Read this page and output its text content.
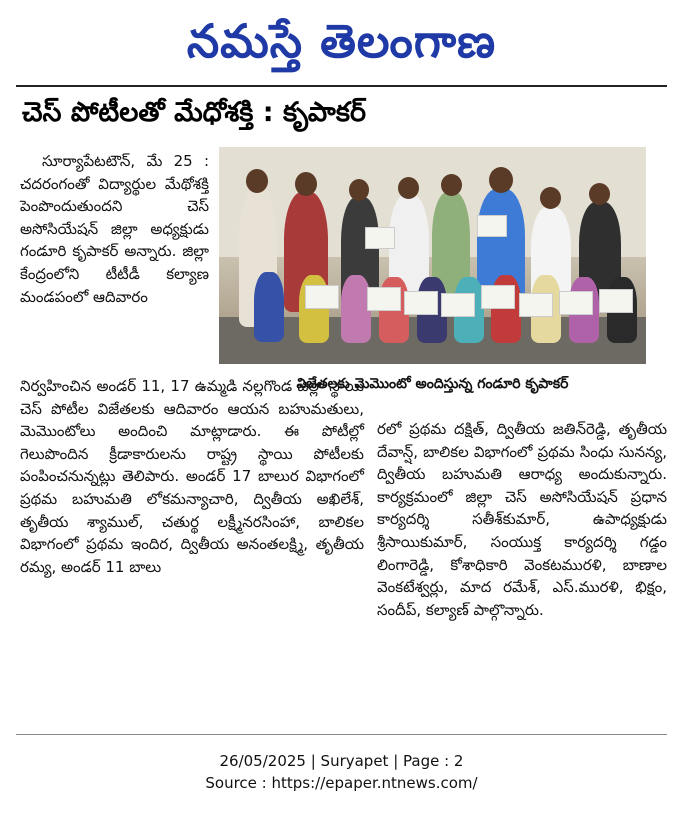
నమస్తే తెలంగాణ
చెస్ పోటీలతో మేధోశక్తి : కృపాకర్

సూర్యాపేటటౌన్, మే 25 : చదరంగంతో విద్యార్థుల మేథోశక్తి పెంపొందుతుందని చెస్ అసోసియేషన్ జిల్లా అధ్యక్షుడు గండూరి కృపాకర్ అన్నారు. జిల్లా కేంద్రంలోని టీటీడీ కల్యాణ మండపంలో ఆదివారం

విజేతలకు మెమొంటో అందిస్తున్న గండూరి కృపాకర్

నిర్వహించిన అండర్ 11, 17 ఉమ్మడి నల్లగొండ జిల్లా స్థాయి చెస్ పోటీల విజేతలకు ఆదివారం ఆయన బహుమతులు, మెమొంటోలు అందించి మాట్లాడారు. ఈ పోటీల్లో గెలుపొందిన క్రీడాకారులను రాష్ట్ర స్థాయి పోటీలకు పంపించనున్నట్లు తెలిపారు. అండర్ 17 బాలుర విభాగంలో ప్రథమ బహుమతి లోకమన్యాచారి, ద్వితీయ అఖిలేశ్, తృతీయ శ్యాముల్, చతుర్థ లక్ష్మీనరసింహా, బాలికల విభాగంలో ప్రథమ ఇందిర, ద్వితీయ అనంతలక్ష్మి, తృతీయ రమ్య, అండర్ 11 బాలు

రలో ప్రథమ దక్షిత్, ద్వితీయ జతిన్‌రెడ్డి, తృతీయ దేవాన్ష్, బాలికల విభాగంలో ప్రథమ సింధు సునన్య, ద్వితీయ బహుమతి ఆరాధ్య అందుకున్నారు. కార్యక్రమంలో జిల్లా చెస్ అసోసియేషన్ ప్రధాన కార్యదర్శి సతీశ్‌కుమార్, ఉపాధ్యక్షుడు శ్రీసాయికుమార్, సంయుక్త కార్యదర్శి గడ్డం లింగారెడ్డి, కోశాధికారి వెంకటమురళి, బాణాల వెంకటేశ్వర్లు, మాద రమేశ్, ఎస్.మురళి, భిక్షం, సందీప్, కల్యాణ్ పాల్గొన్నారు.

26/05/2025 | Suryapet | Page : 2
Source : https://epaper.ntnews.com/
